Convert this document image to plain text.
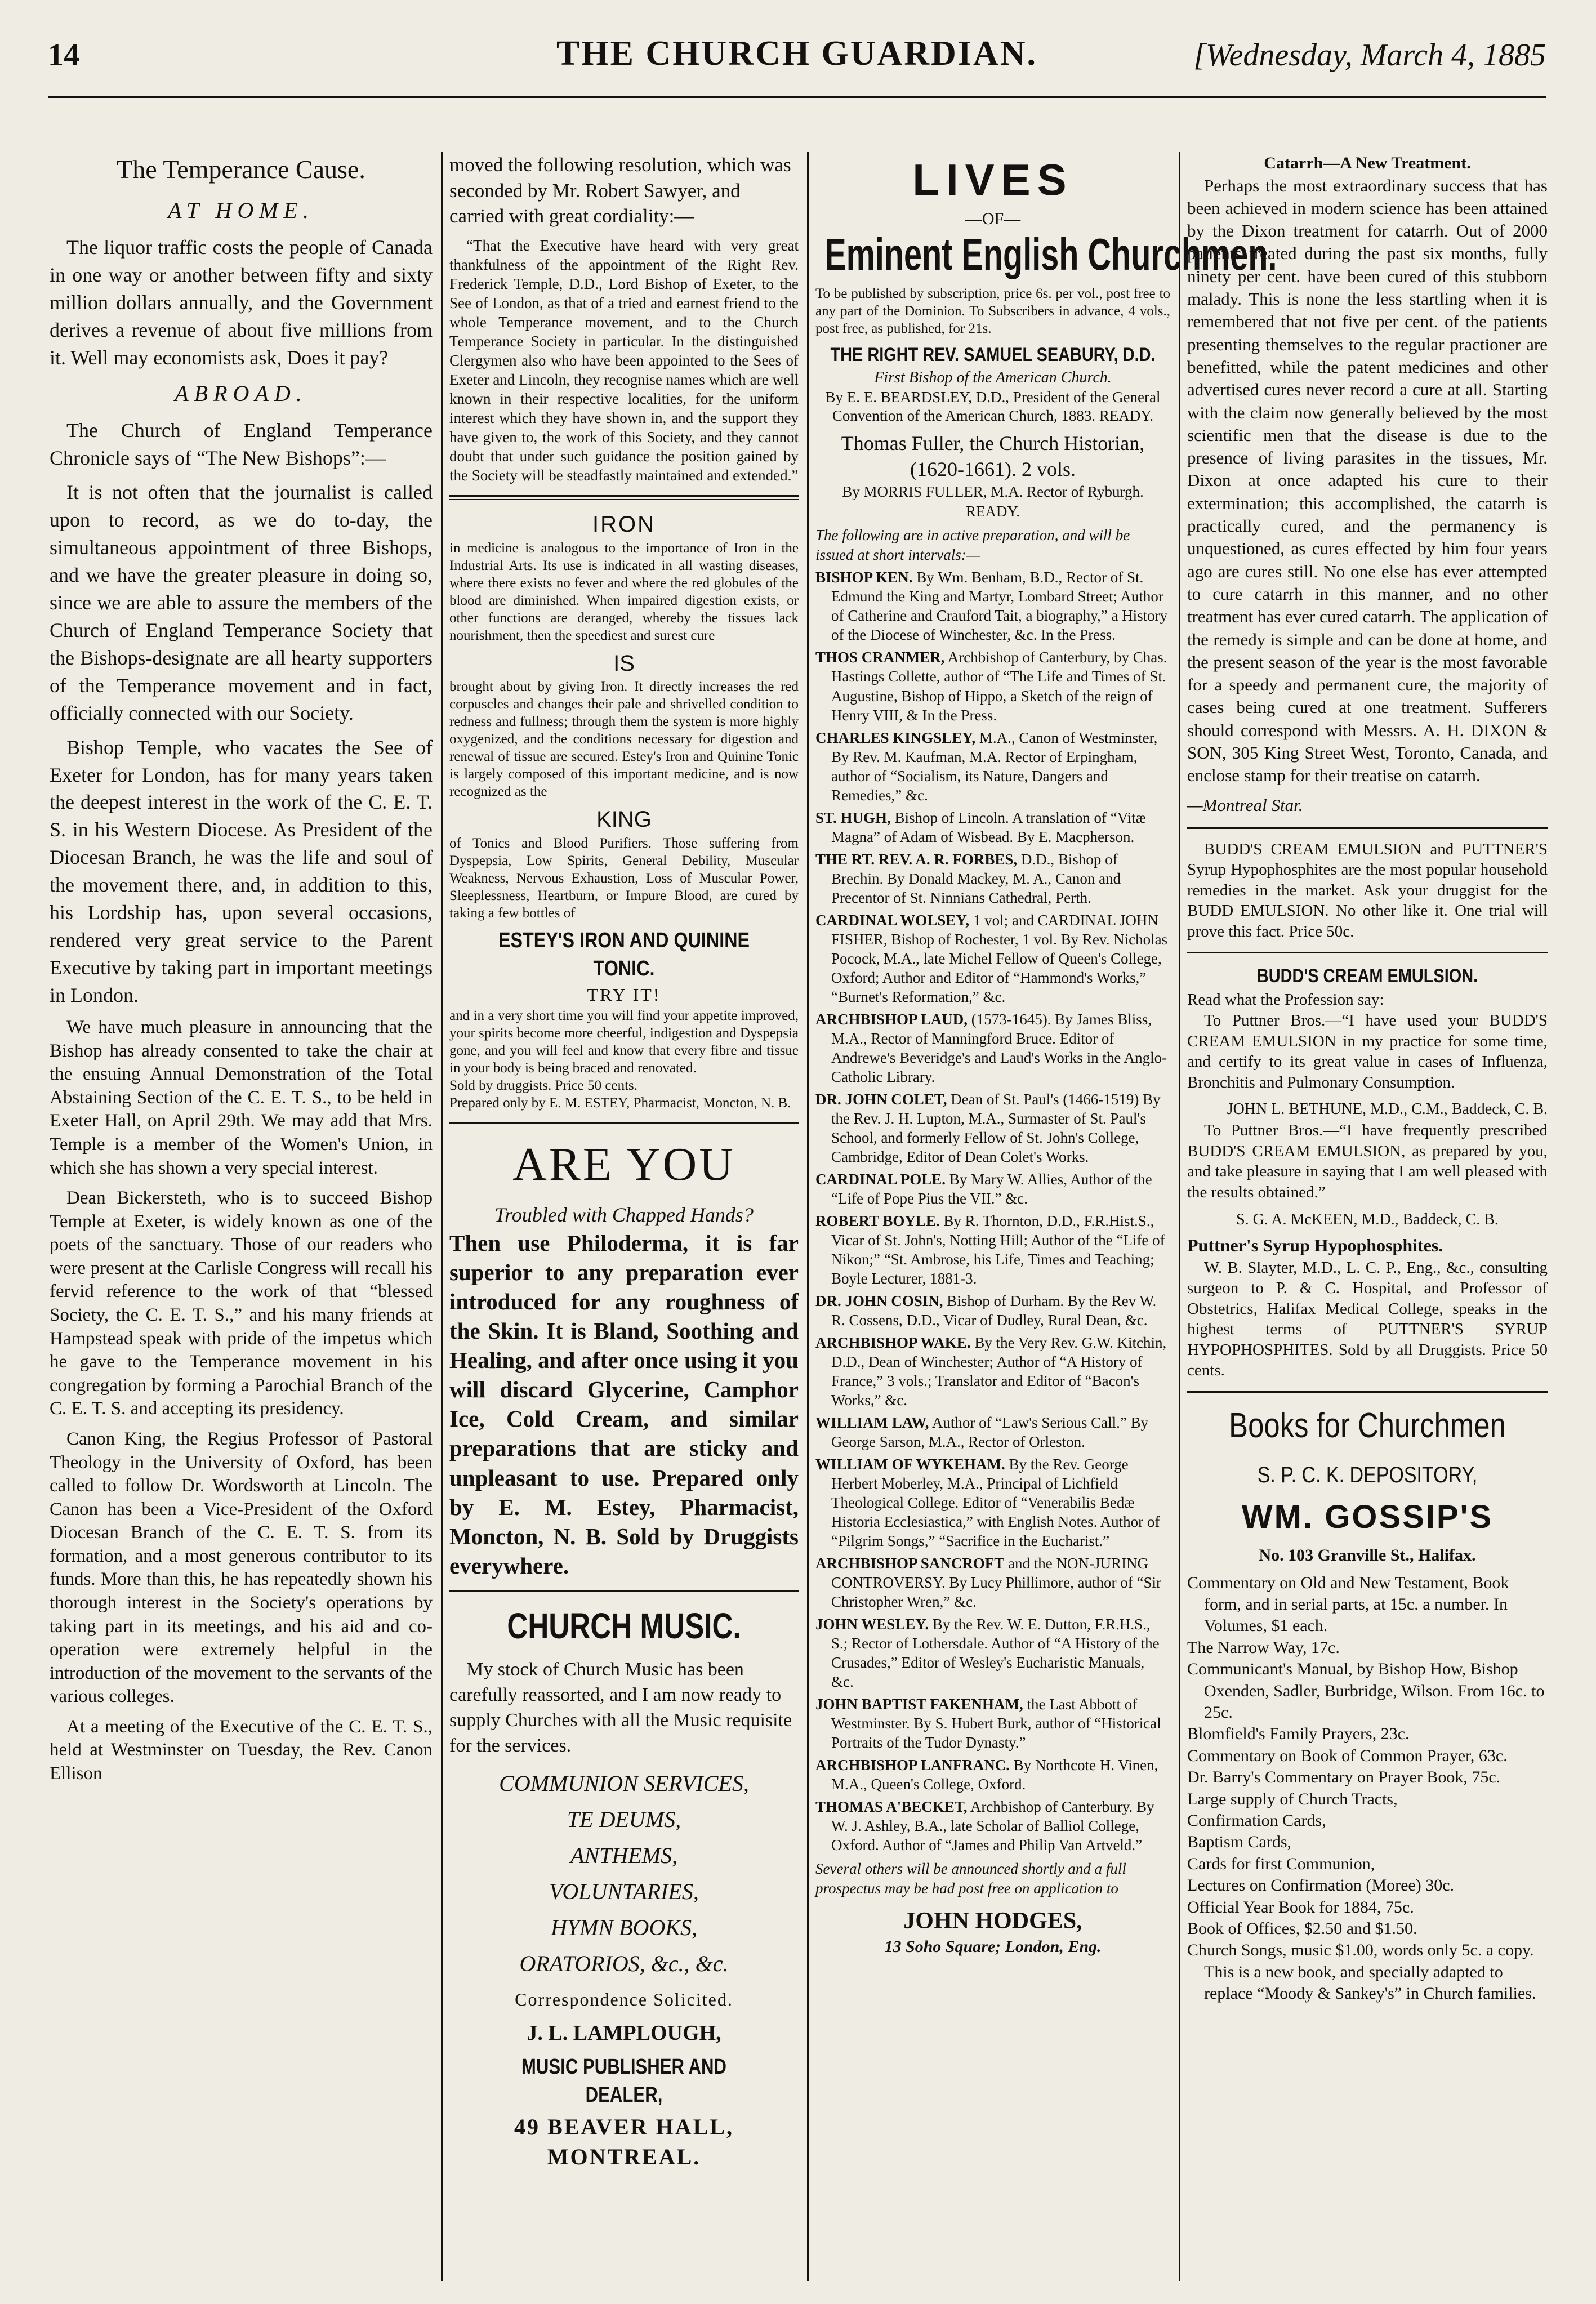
14	THE CHURCH GUARDIAN.	[Wednesday, March 4, 1885
The Temperance Cause.
AT HOME.

The liquor traffic costs the people of Canada in one way or another between fifty and sixty million dollars annually, and the Government derives a revenue of about five millions from it. Well may economists ask, Does it pay?

ABROAD.

The Church of England Temperance Chronicle says of “The New Bishops”:—

It is not often that the journalist is called upon to record, as we do to-day, the simultaneous appointment of three Bishops, and we have the greater pleasure in doing so, since we are able to assure the members of the Church of England Temperance Society that the Bishops-designate are all hearty supporters of the Temperance movement and in fact, officially connected with our Society.

Bishop Temple, who vacates the See of Exeter for London, has for many years taken the deepest interest in the work of the C. E. T. S. in his Western Diocese. As President of the Diocesan Branch, he was the life and soul of the movement there, and, in addition to this, his Lordship has, upon several occasions, rendered very great service to the Parent Executive by taking part in important meetings in London.

We have much pleasure in announcing that the Bishop has already consented to take the chair at the ensuing Annual Demonstration of the Total Abstaining Section of the C. E. T. S., to be held in Exeter Hall, on April 29th. We may add that Mrs. Temple is a member of the Women's Union, in which she has shown a very special interest.

Dean Bickersteth, who is to succeed Bishop Temple at Exeter, is widely known as one of the poets of the sanctuary. Those of our readers who were present at the Carlisle Congress will recall his fervid reference to the work of that “blessed Society, the C. E. T. S.,” and his many friends at Hampstead speak with pride of the impetus which he gave to the Temperance movement in his congregation by forming a Parochial Branch of the C. E. T. S. and accepting its presidency.

Canon King, the Regius Professor of Pastoral Theology in the University of Oxford, has been called to follow Dr. Wordsworth at Lincoln. The Canon has been a Vice-President of the Oxford Diocesan Branch of the C. E. T. S. from its formation, and a most generous contributor to its funds. More than this, he has repeatedly shown his thorough interest in the Society's operations by taking part in its meetings, and his aid and co-operation were extremely helpful in the introduction of the movement to the servants of the various colleges.

At a meeting of the Executive of the C. E. T. S., held at Westminster on Tuesday, the Rev. Canon Ellison

moved the following resolution, which was seconded by Mr. Robert Sawyer, and carried with great cordiality:—

“That the Executive have heard with very great thankfulness of the appointment of the Right Rev. Frederick Temple, D.D., Lord Bishop of Exeter, to the See of London, as that of a tried and earnest friend to the whole Temperance movement, and to the Church Temperance Society in particular. In the distinguished Clergymen also who have been appointed to the Sees of Exeter and Lincoln, they recognise names which are well known in their respective localities, for the uniform interest which they have shown in, and the support they have given to, the work of this Society, and they cannot doubt that under such guidance the position gained by the Society will be steadfastly maintained and extended.”

IRON
in medicine is analogous to the importance of Iron in the Industrial Arts. Its use is indicated in all wasting diseases, where there exists no fever and where the red globules of the blood are diminished. When impaired digestion exists, or other functions are deranged, whereby the tissues lack nourishment, then the speediest and surest cure
IS
brought about by giving Iron. It directly increases the red corpuscles and changes their pale and shrivelled condition to redness and fullness; through them the system is more highly oxygenized, and the conditions necessary for digestion and renewal of tissue are secured. Estey's Iron and Quinine Tonic is largely composed of this important medicine, and is now recognized as the
KING
of Tonics and Blood Purifiers. Those suffering from Dyspepsia, Low Spirits, General Debility, Muscular Weakness, Nervous Exhaustion, Loss of Muscular Power, Sleeplessness, Heartburn, or Impure Blood, are cured by taking a few bottles of
ESTEY'S IRON AND QUININE TONIC.
TRY IT!
and in a very short time you will find your appetite improved, your spirits become more cheerful, indigestion and Dyspepsia gone, and you will feel and know that every fibre and tissue in your body is being braced and renovated.
Sold by druggists. Price 50 cents.
Prepared only by E. M. ESTEY, Pharmacist, Moncton, N. B.
ARE YOU
Troubled with Chapped Hands?
Then use Philoderma, it is far superior to any preparation ever introduced for any roughness of the Skin. It is Bland, Soothing and Healing, and after once using it you will discard Glycerine, Camphor Ice, Cold Cream, and similar preparations that are sticky and unpleasant to use. Prepared only by E. M. Estey, Pharmacist, Moncton, N. B. Sold by Druggists everywhere.
CHURCH MUSIC.

My stock of Church Music has been carefully reassorted, and I am now ready to supply Churches with all the Music requisite for the services.

COMMUNION SERVICES,
TE DEUMS,
ANTHEMS,
VOLUNTARIES,
HYMN BOOKS,
ORATORIOS, &c., &c.
Correspondence Solicited.
J. L. LAMPLOUGH,
MUSIC PUBLISHER AND DEALER,
49 BEAVER HALL, MONTREAL.
LIVES
—OF—
Eminent English Churchmen.
To be published by subscription, price 6s. per vol., post free to any part of the Dominion. To Subscribers in advance, 4 vols., post free, as published, for 21s.
THE RIGHT REV. SAMUEL SEABURY, D.D.
First Bishop of the American Church.
By E. E. BEARDSLEY, D.D., President of the General Convention of the American Church, 1883. READY.
Thomas Fuller, the Church Historian, (1620-1661). 2 vols.
By MORRIS FULLER, M.A. Rector of Ryburgh. READY.
The following are in active preparation, and will be issued at short intervals:—
BISHOP KEN. By Wm. Benham, B.D., Rector of St. Edmund the King and Martyr, Lombard Street; Author of Catherine and Crauford Tait, a biography,” a History of the Diocese of Winchester, &c. In the Press.
THOS CRANMER, Archbishop of Canterbury, by Chas. Hastings Collette, author of “The Life and Times of St. Augustine, Bishop of Hippo, a Sketch of the reign of Henry VIII, & In the Press.
CHARLES KINGSLEY, M.A., Canon of Westminster, By Rev. M. Kaufman, M.A. Rector of Erpingham, author of “Socialism, its Nature, Dangers and Remedies,” &c.
ST. HUGH, Bishop of Lincoln. A translation of “Vitæ Magna” of Adam of Wisbead. By E. Macpherson.
THE RT. REV. A. R. FORBES, D.D., Bishop of Brechin. By Donald Mackey, M. A., Canon and Precentor of St. Ninnians Cathedral, Perth.
CARDINAL WOLSEY, 1 vol; and CARDINAL JOHN FISHER, Bishop of Rochester, 1 vol. By Rev. Nicholas Pocock, M.A., late Michel Fellow of Queen's College, Oxford; Author and Editor of “Hammond's Works,” “Burnet's Reformation,” &c.
ARCHBISHOP LAUD, (1573-1645). By James Bliss, M.A., Rector of Manningford Bruce. Editor of Andrewe's Beveridge's and Laud's Works in the Anglo-Catholic Library.
DR. JOHN COLET, Dean of St. Paul's (1466-1519) By the Rev. J. H. Lupton, M.A., Surmaster of St. Paul's School, and formerly Fellow of St. John's College, Cambridge, Editor of Dean Colet's Works.
CARDINAL POLE. By Mary W. Allies, Author of the “Life of Pope Pius the VII.” &c.
ROBERT BOYLE. By R. Thornton, D.D., F.R.Hist.S., Vicar of St. John's, Notting Hill; Author of the “Life of Nikon;” “St. Ambrose, his Life, Times and Teaching; Boyle Lecturer, 1881-3.
DR. JOHN COSIN, Bishop of Durham. By the Rev W. R. Cossens, D.D., Vicar of Dudley, Rural Dean, &c.
ARCHBISHOP WAKE. By the Very Rev. G.W. Kitchin, D.D., Dean of Winchester; Author of “A History of France,” 3 vols.; Translator and Editor of “Bacon's Works,” &c.
WILLIAM LAW, Author of “Law's Serious Call.” By George Sarson, M.A., Rector of Orleston.
WILLIAM OF WYKEHAM. By the Rev. George Herbert Moberley, M.A., Principal of Lichfield Theological College. Editor of “Venerabilis Bedæ Historia Ecclesiastica,” with English Notes. Author of “Pilgrim Songs,” “Sacrifice in the Eucharist.”
ARCHBISHOP SANCROFT and the NON-JURING CONTROVERSY. By Lucy Phillimore, author of “Sir Christopher Wren,” &c.
JOHN WESLEY. By the Rev. W. E. Dutton, F.R.H.S., S.; Rector of Lothersdale. Author of “A History of the Crusades,” Editor of Wesley's Eucharistic Manuals, &c.
JOHN BAPTIST FAKENHAM, the Last Abbott of Westminster. By S. Hubert Burk, author of “Historical Portraits of the Tudor Dynasty.”
ARCHBISHOP LANFRANC. By Northcote H. Vinen, M.A., Queen's College, Oxford.
THOMAS A'BECKET, Archbishop of Canterbury. By W. J. Ashley, B.A., late Scholar of Balliol College, Oxford. Author of “James and Philip Van Artveld.”
Several others will be announced shortly and a full prospectus may be had post free on application to
JOHN HODGES,
13 Soho Square; London, Eng.
Catarrh—A New Treatment.

Perhaps the most extraordinary success that has been achieved in modern science has been attained by the Dixon treatment for catarrh. Out of 2000 patients treated during the past six months, fully ninety per cent. have been cured of this stubborn malady. This is none the less startling when it is remembered that not five per cent. of the patients presenting themselves to the regular practioner are benefitted, while the patent medicines and other advertised cures never record a cure at all. Starting with the claim now generally believed by the most scientific men that the disease is due to the presence of living parasites in the tissues, Mr. Dixon at once adapted his cure to their extermination; this accomplished, the catarrh is practically cured, and the permanency is unquestioned, as cures effected by him four years ago are cures still. No one else has ever attempted to cure catarrh in this manner, and no other treatment has ever cured catarrh. The application of the remedy is simple and can be done at home, and the present season of the year is the most favorable for a speedy and permanent cure, the majority of cases being cured at one treatment. Sufferers should correspond with Messrs. A. H. DIXON & SON, 305 King Street West, Toronto, Canada, and enclose stamp for their treatise on catarrh.

—Montreal Star.

BUDD'S CREAM EMULSION and PUTTNER'S Syrup Hypophosphites are the most popular household remedies in the market. Ask your druggist for the BUDD EMULSION. No other like it. One trial will prove this fact. Price 50c.

BUDD'S CREAM EMULSION.
Read what the Profession say:

To Puttner Bros.—“I have used your BUDD'S CREAM EMULSION in my practice for some time, and certify to its great value in cases of Influenza, Bronchitis and Pulmonary Consumption.

JOHN L. BETHUNE, M.D., C.M., Baddeck, C. B.

To Puttner Bros.—“I have frequently prescribed BUDD'S CREAM EMULSION, as prepared by you, and take pleasure in saying that I am well pleased with the results obtained.”

S. G. A. McKEEN, M.D., Baddeck, C. B.
Puttner's Syrup Hypophosphites.

W. B. Slayter, M.D., L. C. P., Eng., &c., consulting surgeon to P. & C. Hospital, and Professor of Obstetrics, Halifax Medical College, speaks in the highest terms of PUTTNER'S SYRUP HYPOPHOSPHITES. Sold by all Druggists. Price 50 cents.

Books for Churchmen
S. P. C. K. DEPOSITORY,
WM. GOSSIP'S
No. 103 Granville St., Halifax.
Commentary on Old and New Testament, Book form, and in serial parts, at 15c. a number. In Volumes, $1 each.
The Narrow Way, 17c.
Communicant's Manual, by Bishop How, Bishop Oxenden, Sadler, Burbridge, Wilson. From 16c. to 25c.
Blomfield's Family Prayers, 23c.
Commentary on Book of Common Prayer, 63c.
Dr. Barry's Commentary on Prayer Book, 75c.
Large supply of Church Tracts,
Confirmation Cards,
Baptism Cards,
Cards for first Communion,
Lectures on Confirmation (Moree) 30c.
Official Year Book for 1884, 75c.
Book of Offices, $2.50 and $1.50.
Church Songs, music $1.00, words only 5c. a copy. This is a new book, and specially adapted to replace “Moody & Sankey's” in Church families.
